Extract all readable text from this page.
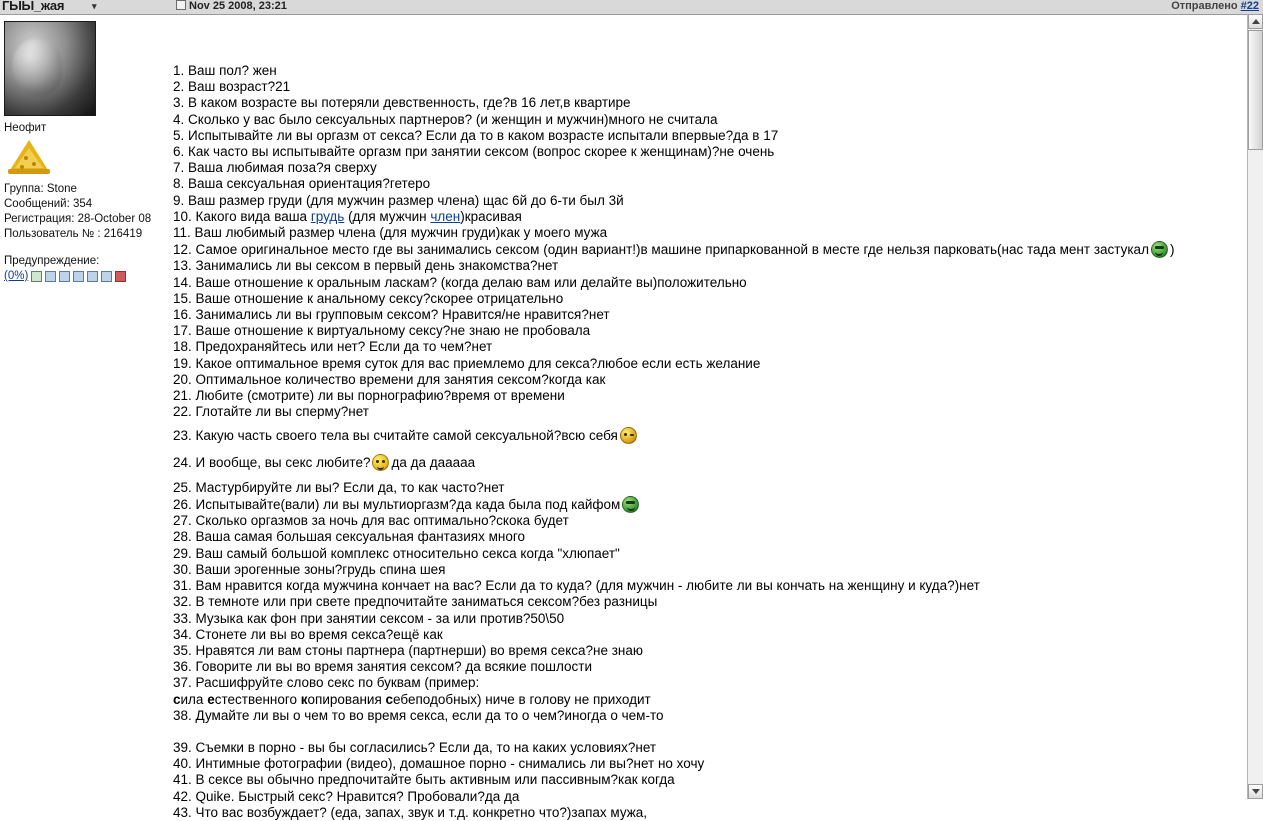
ГЫЫ_жая	▾	Nov 25 2008, 23:21	Отправлено #22
Неофит
Группа: Stone
Сообщений: 354
Регистрация: 28-October 08
Пользователь № : 216419
Предупреждение:
(0%)
1. Ваш пол? жен
2. Ваш возраст?21
3. В каком возрасте вы потеряли девственность, где?в 16 лет,в квартире
4. Сколько у вас было сексуальных партнеров? (и женщин и мужчин)много не считала
5. Испытывайте ли вы оргазм от секса? Если да то в каком возрасте испытали впервые?да в 17
6. Как часто вы испытывайте оргазм при занятии сексом (вопрос скорее к женщинам)?не очень
7. Ваша любимая поза?я сверху
8. Ваша сексуальная ориентация?гетеро
9. Ваш размер груди (для мужчин размер члена) щас 6й до 6-ти был 3й
10. Какого вида ваша грудь (для мужчин член)красивая
11. Ваш любимый размер члена (для мужчин груди)как у моего мужа
12. Самое оригинальное место где вы занимались сексом (один вариант!)в машине припаркованной в месте где нельзя парковать(нас тада мент застукал )
13. Занимались ли вы сексом в первый день знакомства?нет
14. Ваше отношение к оральным ласкам? (когда делаю вам или делайте вы)положительно
15. Ваше отношение к анальному сексу?скорее отрицательно
16. Занимались ли вы групповым сексом? Нравится/не нравится?нет
17. Ваше отношение к виртуальному сексу?не знаю не пробовала
18. Предохраняйтесь или нет? Если да то чем?нет
19. Какое оптимальное время суток для вас приемлемо для секса?любое если есть желание
20. Оптимальное количество времени для занятия сексом?когда как
21. Любите (смотрите) ли вы порнографию?время от времени
22. Глотайте ли вы сперму?нет
23. Какую часть своего тела вы считайте самой сексуальной?всю себя
24. И вообще, вы секс любите? да да дааааа
25. Мастурбируйте ли вы? Если да, то как часто?нет
26. Испытывайте(вали) ли вы мультиоргазм?да када была под кайфом
27. Сколько оргазмов за ночь для вас оптимально?скока будет
28. Ваша самая большая сексуальная фантазиях много
29. Ваш самый большой комплекс относительно секса когда "хлюпает"
30. Ваши эрогенные зоны?грудь спина шея
31. Вам нравится когда мужчина кончает на вас? Если да то куда? (для мужчин - любите ли вы кончать на женщину и куда?)нет
32. В темноте или при свете предпочитайте заниматься сексом?без разницы
33. Музыка как фон при занятии сексом - за или против?50\50
34. Стонете ли вы во время секса?ещё как
35. Нравятся ли вам стоны партнера (партнерши) во время секса?не знаю
36. Говорите ли вы во время занятия сексом? да всякие пошлости
37. Расшифруйте слово секс по буквам (пример:
сила естественного копирования себеподобных) ниче в голову не приходит
38. Думайте ли вы о чем то во время секса, если да то о чем?иногда о чем-то
39. Съемки в порно - вы бы согласились? Если да, то на каких условиях?нет
40. Интимные фотографии (видео), домашное порно - снимались ли вы?нет но хочу
41. В сексе вы обычно предпочитайте быть активным или пассивным?как когда
42. Quike. Быстрый секс? Нравится? Пробовали?да да
43. Что вас возбуждает? (еда, запах, звук и т.д. конкретно что?)запах мужа,
